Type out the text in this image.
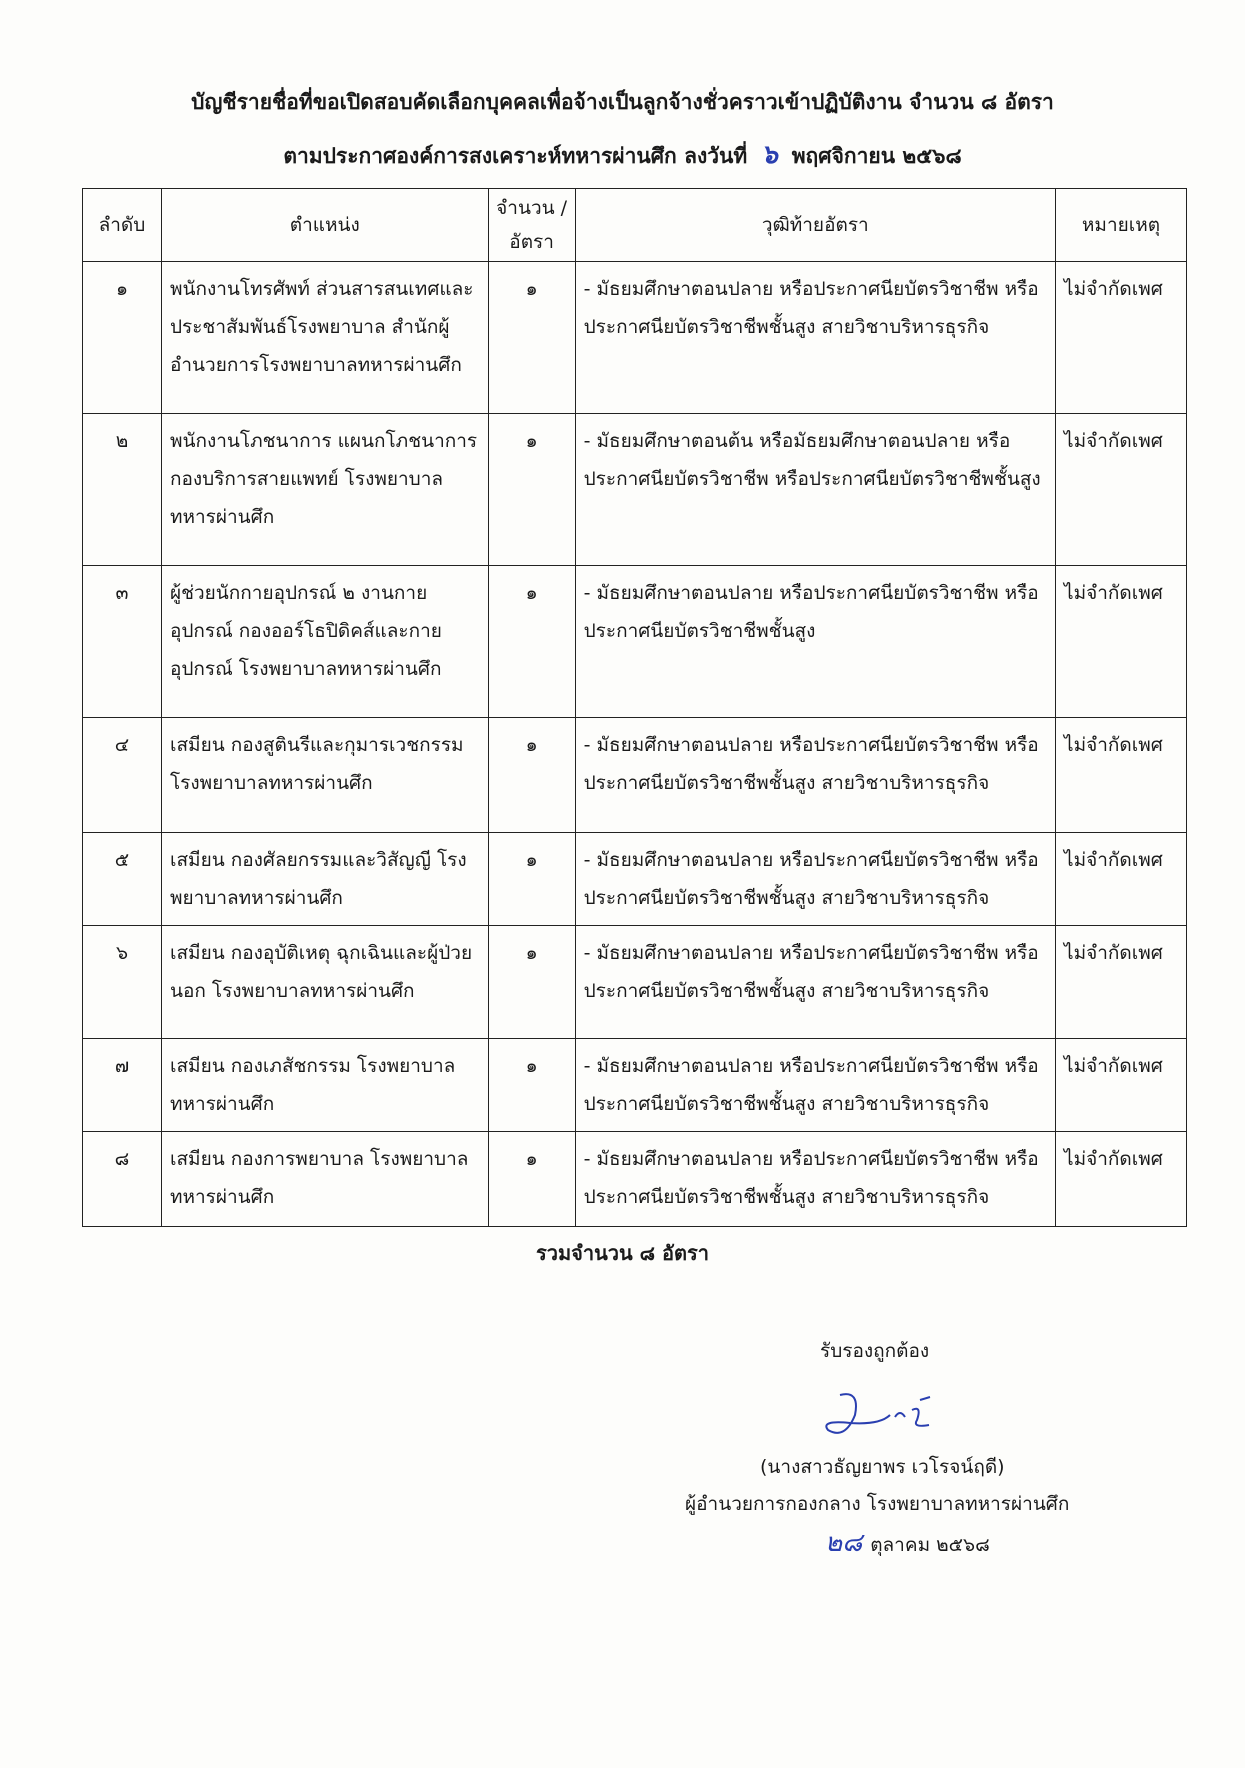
บัญชีรายชื่อที่ขอเปิดสอบคัดเลือกบุคคลเพื่อจ้างเป็นลูกจ้างชั่วคราวเข้าปฏิบัติงาน จำนวน ๘ อัตรา
ตามประกาศองค์การสงเคราะห์ทหารผ่านศึก ลงวันที่ ๖ พฤศจิกายน ๒๕๖๘
ลำดับ	ตำแหน่ง	จำนวน /อัตรา	วุฒิท้ายอัตรา	หมายเหตุ
๑	พนักงานโทรศัพท์ ส่วนสารสนเทศและประชาสัมพันธ์โรงพยาบาล สำนักผู้อำนวยการโรงพยาบาลทหารผ่านศึก	๑	- มัธยมศึกษาตอนปลาย หรือประกาศนียบัตรวิชาชีพ หรือประกาศนียบัตรวิชาชีพชั้นสูง สายวิชาบริหารธุรกิจ	ไม่จำกัดเพศ
๒	พนักงานโภชนาการ แผนกโภชนาการ กองบริการสายแพทย์ โรงพยาบาลทหารผ่านศึก	๑	- มัธยมศึกษาตอนต้น หรือมัธยมศึกษาตอนปลาย หรือประกาศนียบัตรวิชาชีพ หรือประกาศนียบัตรวิชาชีพชั้นสูง	ไม่จำกัดเพศ
๓	ผู้ช่วยนักกายอุปกรณ์ ๒ งานกายอุปกรณ์ กองออร์โธปิดิคส์และกายอุปกรณ์ โรงพยาบาลทหารผ่านศึก	๑	- มัธยมศึกษาตอนปลาย หรือประกาศนียบัตรวิชาชีพ หรือประกาศนียบัตรวิชาชีพชั้นสูง	ไม่จำกัดเพศ
๔	เสมียน กองสูตินรีและกุมารเวชกรรม โรงพยาบาลทหารผ่านศึก	๑	- มัธยมศึกษาตอนปลาย หรือประกาศนียบัตรวิชาชีพ หรือประกาศนียบัตรวิชาชีพชั้นสูง สายวิชาบริหารธุรกิจ	ไม่จำกัดเพศ
๕	เสมียน กองศัลยกรรมและวิสัญญี โรงพยาบาลทหารผ่านศึก	๑	- มัธยมศึกษาตอนปลาย หรือประกาศนียบัตรวิชาชีพ หรือประกาศนียบัตรวิชาชีพชั้นสูง สายวิชาบริหารธุรกิจ	ไม่จำกัดเพศ
๖	เสมียน กองอุบัติเหตุ ฉุกเฉินและผู้ป่วยนอก โรงพยาบาลทหารผ่านศึก	๑	- มัธยมศึกษาตอนปลาย หรือประกาศนียบัตรวิชาชีพ หรือประกาศนียบัตรวิชาชีพชั้นสูง สายวิชาบริหารธุรกิจ	ไม่จำกัดเพศ
๗	เสมียน กองเภสัชกรรม โรงพยาบาลทหารผ่านศึก	๑	- มัธยมศึกษาตอนปลาย หรือประกาศนียบัตรวิชาชีพ หรือประกาศนียบัตรวิชาชีพชั้นสูง สายวิชาบริหารธุรกิจ	ไม่จำกัดเพศ
๘	เสมียน กองการพยาบาล โรงพยาบาลทหารผ่านศึก	๑	- มัธยมศึกษาตอนปลาย หรือประกาศนียบัตรวิชาชีพ หรือประกาศนียบัตรวิชาชีพชั้นสูง สายวิชาบริหารธุรกิจ	ไม่จำกัดเพศ
รวมจำนวน ๘ อัตรา
รับรองถูกต้อง
(นางสาวธัญยาพร เวโรจน์ฤดี)
ผู้อำนวยการกองกลาง โรงพยาบาลทหารผ่านศึก
๒๘ ตุลาคม ๒๕๖๘
